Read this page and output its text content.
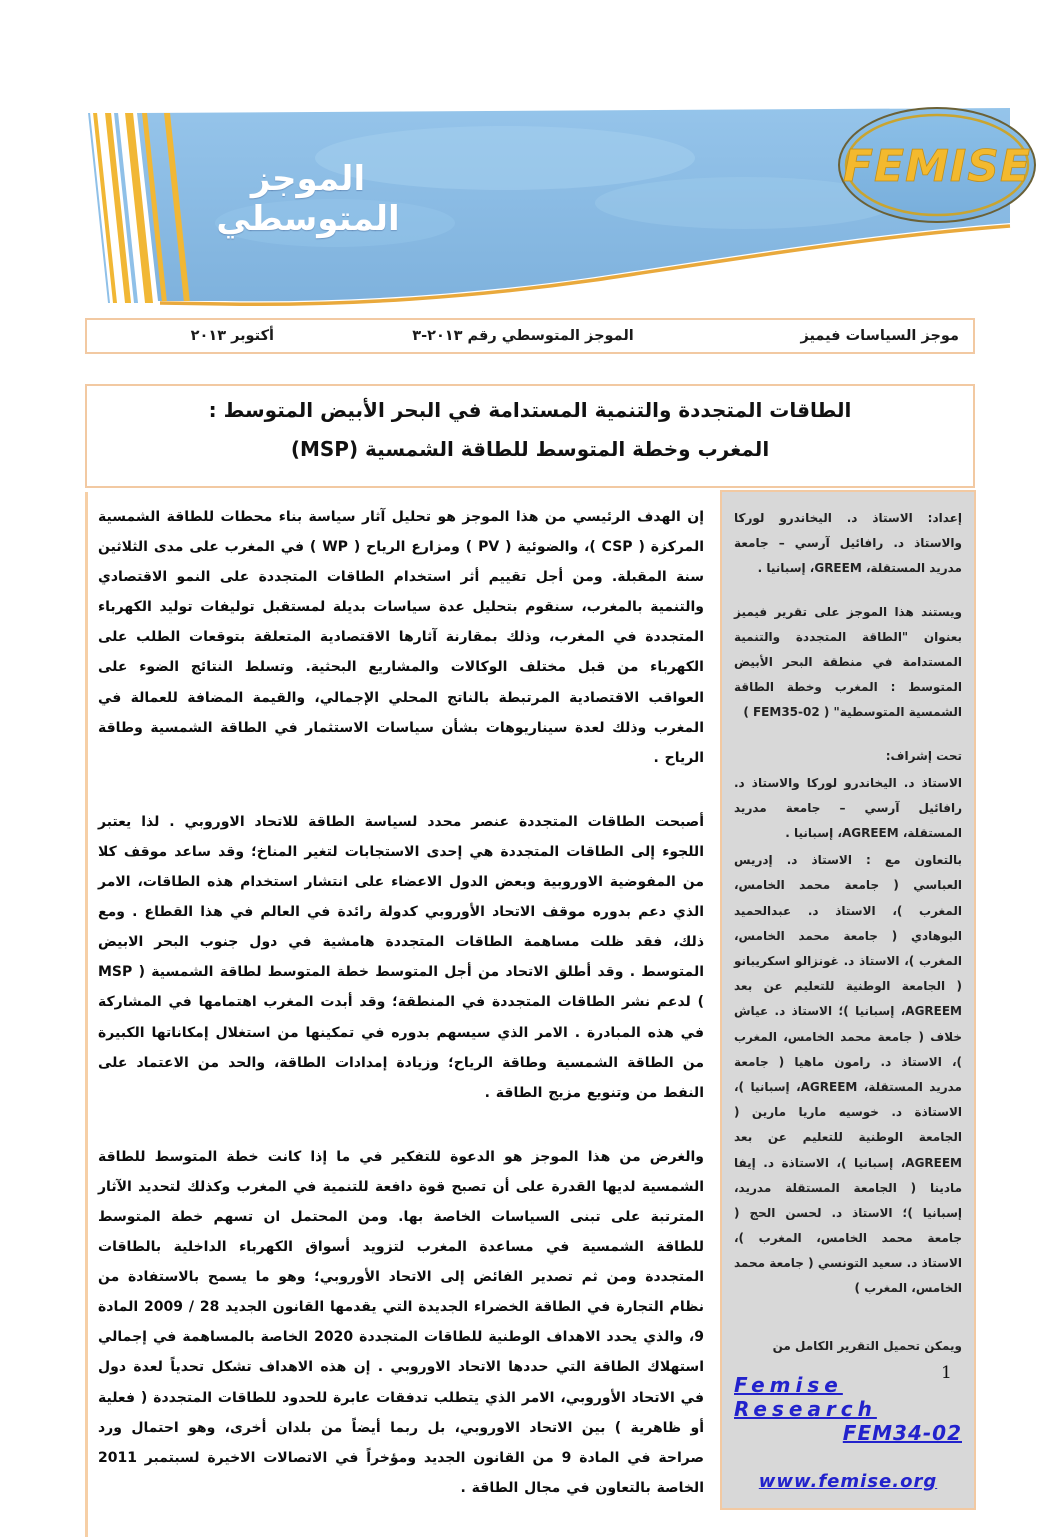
FEMISE
الموجز المتوسطي
موجز السياسات فيميز
الموجز المتوسطي رقم ٢٠١٣-٣
أكتوبر ٢٠١٣
الطاقات المتجددة والتنمية المستدامة في البحر الأبيض المتوسط :
المغرب وخطة المتوسط للطاقة الشمسية (MSP)

إن الهدف الرئيسي من هذا الموجز هو تحليل آثار سياسة بناء محطات للطاقة الشمسية المركزة ( CSP )، والضوئية ( PV ) ومزارع الرياح ( WP ) في المغرب على مدى الثلاثين سنة المقبلة. ومن أجل تقييم أثر استخدام الطاقات المتجددة على النمو الاقتصادي والتنمية بالمغرب، سنقوم بتحليل عدة سياسات بديلة لمستقبل توليفات توليد الكهرباء المتجددة في المغرب، وذلك بمقارنة آثارها الاقتصادية المتعلقة بتوقعات الطلب على الكهرباء من قبل مختلف الوكالات والمشاريع البحثية. وتسلط النتائج الضوء على العواقب الاقتصادية المرتبطة بالناتج المحلي الإجمالي، والقيمة المضافة للعمالة في المغرب وذلك لعدة سيناريوهات بشأن سياسات الاستثمار في الطاقة الشمسية وطاقة الرياح .

أصبحت الطاقات المتجددة عنصر محدد لسياسة الطاقة للاتحاد الاوروبي . لذا يعتبر اللجوء إلى الطاقات المتجددة هي إحدى الاستجابات لتغير المناخ؛ وقد ساعد موقف كلا من المفوضية الاوروبية وبعض الدول الاعضاء على انتشار استخدام هذه الطاقات، الامر الذي دعم بدوره موقف الاتحاد الأوروبي كدولة رائدة في العالم في هذا القطاع . ومع ذلك، فقد ظلت مساهمة الطاقات المتجددة هامشية في دول جنوب البحر الابيض المتوسط . وقد أطلق الاتحاد من أجل المتوسط خطة المتوسط لطاقة الشمسية ( MSP ) لدعم نشر الطاقات المتجددة في المنطقة؛ وقد أبدت المغرب اهتمامها في المشاركة في هذه المبادرة . الامر الذي سيسهم بدوره في تمكينها من استغلال إمكاناتها الكبيرة من الطاقة الشمسية وطاقة الرياح؛ وزيادة إمدادات الطاقة، والحد من الاعتماد على النفط من وتنويع مزيج الطاقة .

والغرض من هذا الموجز هو الدعوة للتفكير في ما إذا كانت خطة المتوسط للطاقة الشمسية لديها القدرة على أن تصبح قوة دافعة للتنمية في المغرب وكذلك لتحديد الآثار المترتبة على تبنى السياسات الخاصة بها. ومن المحتمل ان تسهم خطة المتوسط للطاقة الشمسية في مساعدة المغرب لتزويد أسواق الكهرباء الداخلية بالطاقات المتجددة ومن ثم تصدير الفائض إلى الاتحاد الأوروبي؛ وهو ما يسمح بالاستفادة من نظام التجارة في الطاقة الخضراء الجديدة التي يقدمها القانون الجديد 28 / 2009 المادة 9، والذي يحدد الاهداف الوطنية للطاقات المتجددة 2020 الخاصة بالمساهمة في إجمالي استهلاك الطاقة التي حددها الاتحاد الاوروبي . إن هذه الاهداف تشكل تحدياً لعدة دول في الاتحاد الأوروبي، الامر الذي يتطلب تدفقات عابرة للحدود للطاقات المتجددة ( فعلية أو ظاهرية ) بين الاتحاد الاوروبي، بل ربما أيضاً من بلدان أخرى، وهو احتمال ورد صراحة في المادة 9 من القانون الجديد ومؤخراً في الاتصالات الاخيرة لسبتمبر 2011 الخاصة بالتعاون في مجال الطاقة .

إعداد: الاستاذ د. اليخاندرو لوركا والاستاذ د. رافائيل آرسي – جامعة مدريد المستقلة، GREEM، إسبانيا .
ويستند هذا الموجز على تقرير فيميز بعنوان "الطاقة المتجددة والتنمية المستدامة في منطقة البحر الأبيض المتوسط : المغرب وخطة الطاقة الشمسية المتوسطية" ( FEM35-02 )
تحت إشراف:
الاستاذ د. اليخاندرو لوركا والاستاذ د. رافائيل آرسي – جامعة مدريد المستقلة، AGREEM، إسبانيا .
بالتعاون مع : الاستاذ د. إدريس العباسي ( جامعة محمد الخامس، المغرب )، الاستاذ د. عبدالحميد البوهادي ( جامعة محمد الخامس، المغرب )، الاستاذ د. غونزالو اسكريبانو ( الجامعة الوطنية للتعليم عن بعد AGREEM، إسبانيا )؛ الاستاذ د. عياش خلاف ( جامعة محمد الخامس، المغرب )، الاستاذ د. رامون ماهيا ( جامعة مدريد المستقلة، AGREEM، إسبانيا )، الاستاذة د. خوسيه ماريا مارين ( الجامعة الوطنية للتعليم عن بعد AGREEM، إسبانيا )، الاستاذة د. إيفا مادينا ( الجامعة المستقلة مدريد، إسبانيا )؛ الاستاذ د. لحسن الحج ( جامعة محمد الخامس، المغرب )، الاستاذ د. سعيد التونسي ( جامعة محمد الخامس، المغرب )
ويمكن تحميل التقرير الكامل من
Femise Research
FEM34-02
www.femise.org
1
